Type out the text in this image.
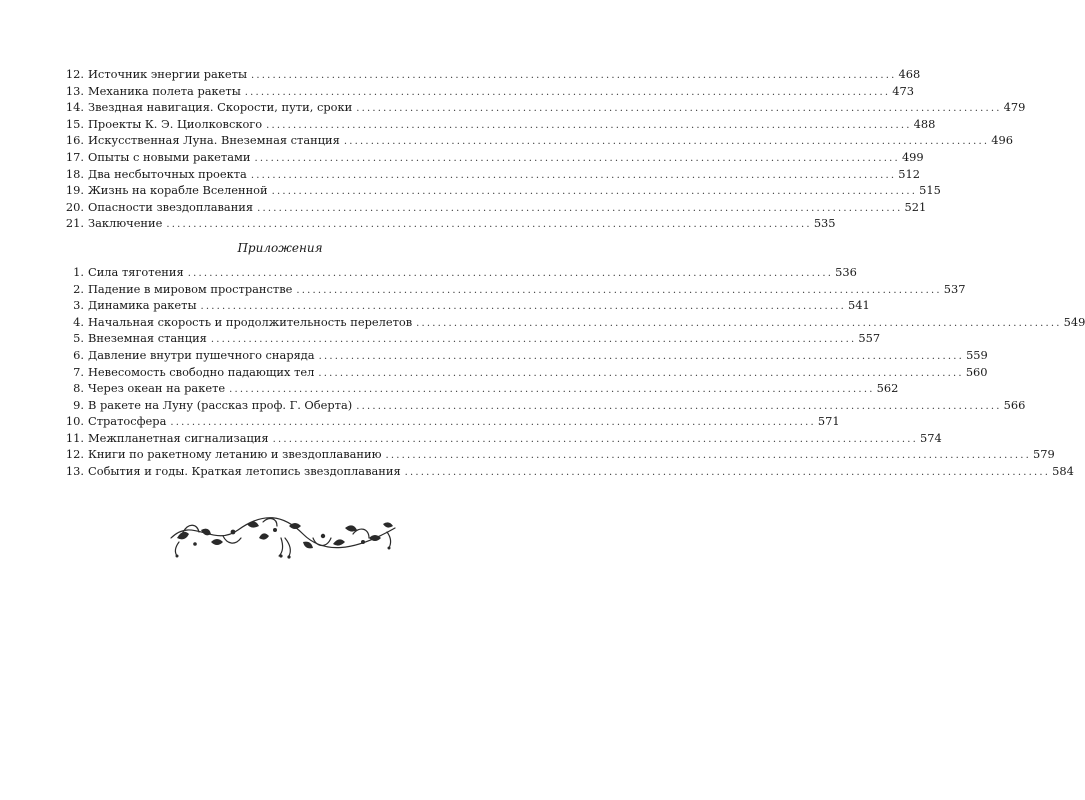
12. Источник энергии ракеты ........................................................................................................................ 468
13. Механика полета ракеты ........................................................................................................................ 473
14. Звездная навигация. Скорости, пути, сроки ........................................................................................................................ 479
15. Проекты К. Э. Циолковского ........................................................................................................................ 488
16. Искусственная Луна. Внеземная станция ........................................................................................................................ 496
17. Опыты с новыми ракетами ........................................................................................................................ 499
18. Два несбыточных проекта ........................................................................................................................ 512
19. Жизнь на корабле Вселенной ........................................................................................................................ 515
20. Опасности звездоплавания ........................................................................................................................ 521
21. Заключение ........................................................................................................................ 535
Приложения
1. Сила тяготения ........................................................................................................................ 536
2. Падение в мировом пространстве ........................................................................................................................ 537
3. Динамика ракеты ........................................................................................................................ 541
4. Начальная скорость и продолжительность перелетов ........................................................................................................................ 549
5. Внеземная станция ........................................................................................................................ 557
6. Давление внутри пушечного снаряда ........................................................................................................................ 559
7. Невесомость свободно падающих тел ........................................................................................................................ 560
8. Через океан на ракете ........................................................................................................................ 562
9. В ракете на Луну (рассказ проф. Г. Оберта) ........................................................................................................................ 566
10. Стратосфера ........................................................................................................................ 571
11. Межпланетная сигнализация ........................................................................................................................ 574
12. Книги по ракетному летанию и звездоплаванию ........................................................................................................................ 579
13. События и годы. Краткая летопись звездоплавания ........................................................................................................................ 584
